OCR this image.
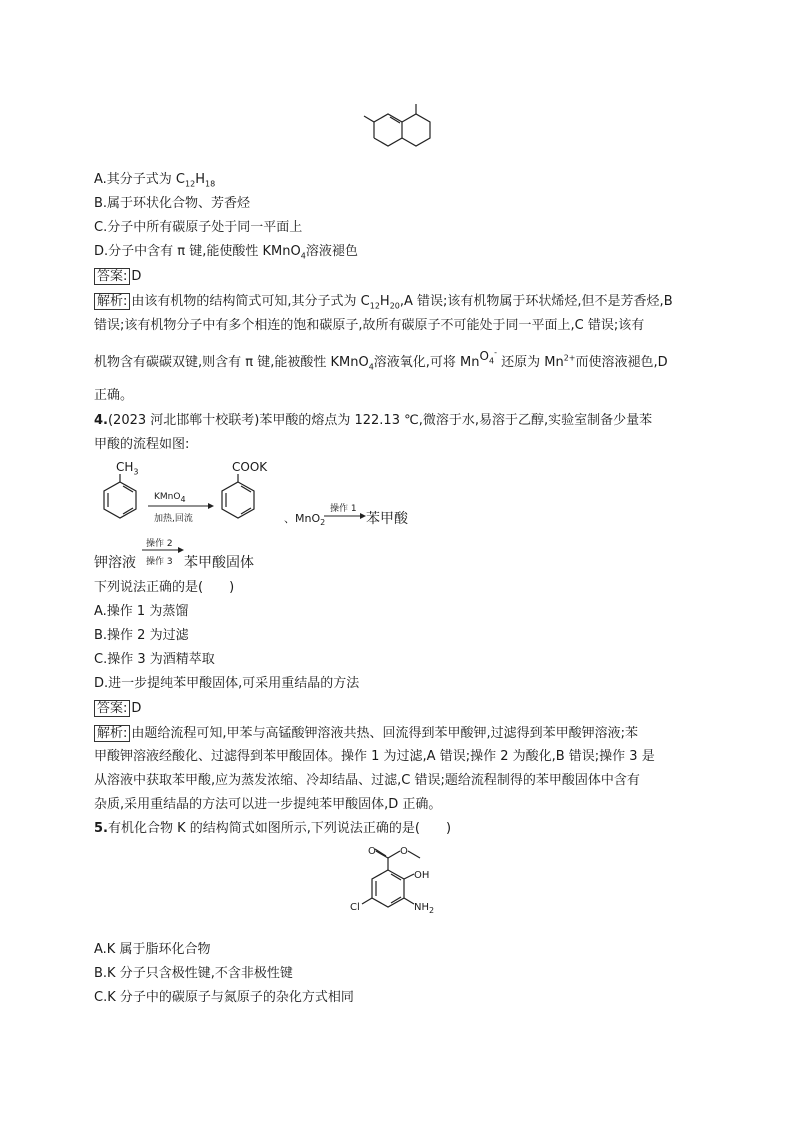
A.其分子式为 $C_{12}H_{18}$
B.属于环状化合物、芳香烃
C.分子中所有碳原子处于同一平面上
D.分子中含有 π 键,能使酸性 KMnO$_4$溶液褪色
答案: D
解析: 由该有机物的结构简式可知,其分子式为 $C_{12}H_{20},A$ 错误;该有机物属于环状烯烃,但不是芳香烃,B
错误;该有机物分子中有多个相连的饱和碳原子,故所有碳原子不可能处于同一平面上,C 错误;该有
机物含有碳碳双键,则含有 π 键,能被酸性 KMnO$_4$溶液氧化,可将 MnO$_4$- 还原为 $Mn^{2+}$而使溶液褪色,D
正确。
4.(2023 河北邯郸十校联考)苯甲酸的熔点为 122.13 ℃,微溶于水,易溶于乙醇,实验室制备少量苯
甲酸的流程如图:
$CH_3$
KMnO$_4$
加热,回流
COOK
、MnO$_2$
操作 1
→ 苯甲酸
钾溶液
操作 2
操作 3 苯甲酸固体
下列说法正确的是(　　)
A.操作 1 为蒸馏
B.操作 2 为过滤
C.操作 3 为酒精萃取
D.进一步提纯苯甲酸固体,可采用重结晶的方法
答案: D
解析: 由题给流程可知,甲苯与高锰酸钾溶液共热、回流得到苯甲酸钾,过滤得到苯甲酸钾溶液;苯
甲酸钾溶液经酸化、过滤得到苯甲酸固体。操作 1 为过滤,A 错误;操作 2 为酸化,B 错误;操作 3 是
从溶液中获取苯甲酸,应为蒸发浓缩、冷却结晶、过滤,C 错误;题给流程制得的苯甲酸固体中含有
杂质,采用重结晶的方法可以进一步提纯苯甲酸固体,D 正确。
5.有机化合物 K 的结构简式如图所示,下列说法正确的是(　　)
O O
OH
$NH_2$
Cl
A.K 属于脂环化合物
B.K 分子只含极性键,不含非极性键
C.K 分子中的碳原子与氮原子的杂化方式相同
